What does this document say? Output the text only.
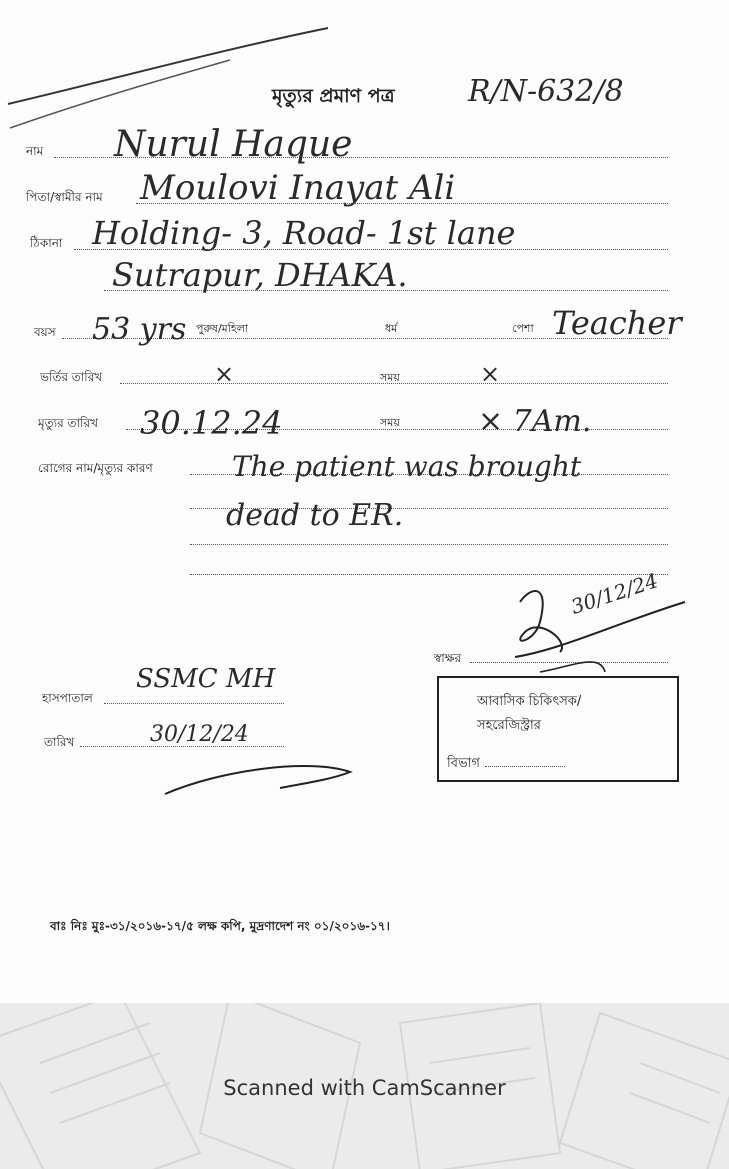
মৃত্যুর প্রমাণ পত্র R/N-632/8
নাম Nurul Haque
পিতা/স্বামীর নাম Moulovi Inayat Ali
ঠিকানা Holding- 3, Road- 1st lane
Sutrapur, DHAKA.
বয়স 53 yrs পুরুষ/মহিলা	ধর্ম	পেশা Teacher
ভর্তির তারিখ	×	সময়	×
মৃত্যুর তারিখ 30.12.24	সময়	× 7Am.
রোগের নাম/মৃত্যুর কারণ	The patient was brought
dead to ER.
স্বাক্ষর
30/12/24
হাসপাতাল
SSMC MH
তারিখ	30/12/24
আবাসিক চিকিৎসক/
সহরেজিস্ট্রার
বিভাগ
বাঃ নিঃ মুঃ-৩১/২০১৬-১৭/৫ লক্ষ কপি, মুদ্রণাদেশ নং ০১/২০১৬-১৭।
Scanned with CamScanner
